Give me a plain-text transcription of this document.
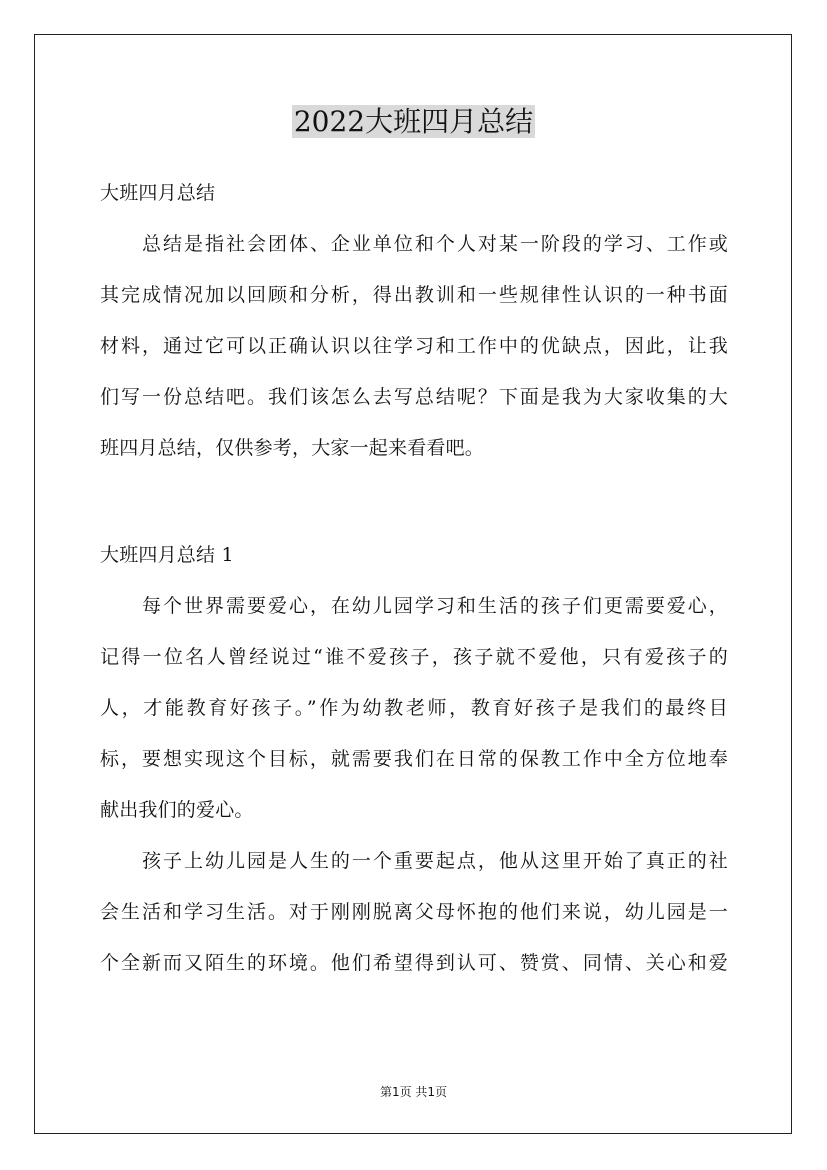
2022大班四月总结
大班四月总结
总结是指社会团体、企业单位和个人对某一阶段的学习、工作或
其完成情况加以回顾和分析，得出教训和一些规律性认识的一种书面
材料，通过它可以正确认识以往学习和工作中的优缺点，因此，让我
们写一份总结吧。我们该怎么去写总结呢？下面是我为大家收集的大
班四月总结，仅供参考，大家一起来看看吧。
大班四月总结 1
每个世界需要爱心，在幼儿园学习和生活的孩子们更需要爱心，
记得一位名人曾经说过“谁不爱孩子，孩子就不爱他，只有爱孩子的
人，才能教育好孩子。”作为幼教老师，教育好孩子是我们的最终目
标，要想实现这个目标，就需要我们在日常的保教工作中全方位地奉
献出我们的爱心。
孩子上幼儿园是人生的一个重要起点，他从这里开始了真正的社
会生活和学习生活。对于刚刚脱离父母怀抱的他们来说，幼儿园是一
个全新而又陌生的环境。他们希望得到认可、赞赏、同情、关心和爱
第1页 共1页
